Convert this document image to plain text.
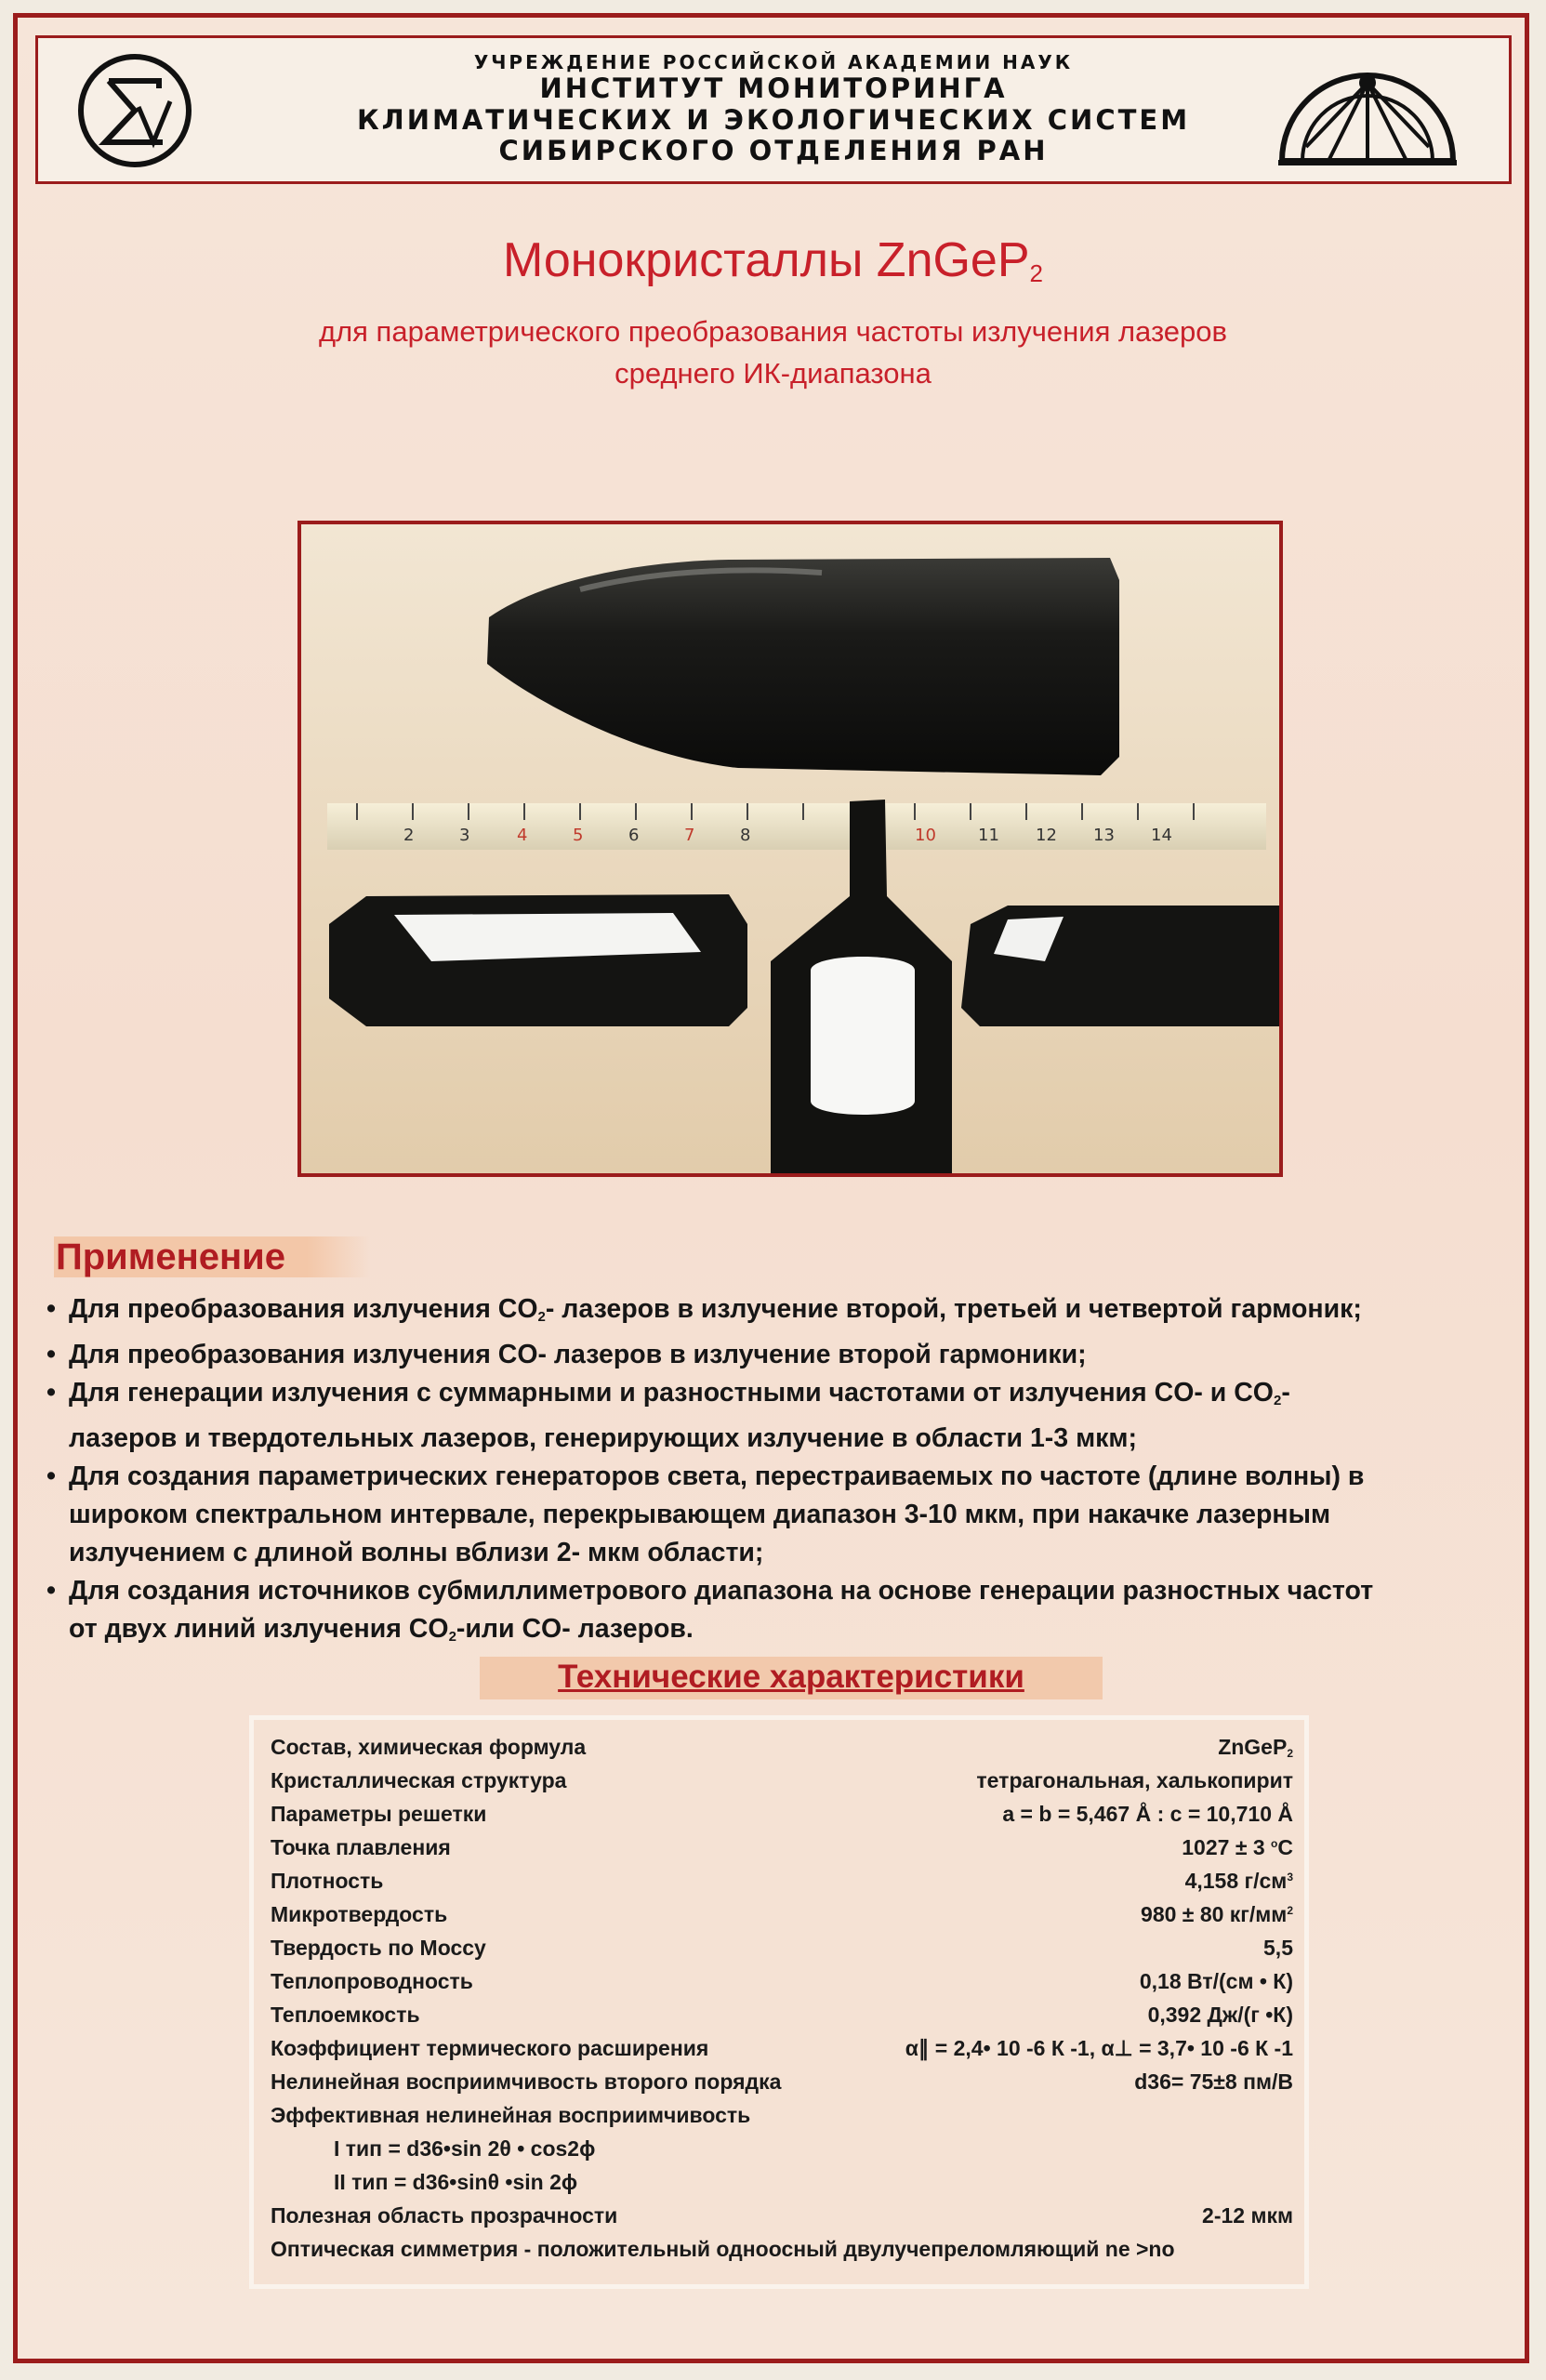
УЧРЕЖДЕНИЕ РОССИЙСКОЙ АКАДЕМИИ НАУК
ИНСТИТУТ МОНИТОРИНГА
КЛИМАТИЧЕСКИХ И ЭКОЛОГИЧЕСКИХ СИСТЕМ
СИБИРСКОГО ОТДЕЛЕНИЯ РАН
Монокристаллы ZnGeP$_2$
для параметрического преобразования частоты излучения лазеров
среднего ИК-диапазона
2	3	4	5	6	7	8	10	11 12 13 14
Применение
• Для преобразования излучения $CO_2-$ лазеров в излучение второй, третьей и четвертой гармоник;
• Для преобразования излучения CO- лазеров в излучение второй гармоники;
• Для генерации излучения с суммарными и разностными частотами от излучения CO- и $CO_2-$
лазеров и твердотельных лазеров, генерирующих излучение в области 1-3 мкм;
• Для создания параметрических генераторов света, перестраиваемых по частоте (длине волны) в
широком спектральном интервале, перекрывающем диапазон 3-10 мкм, при накачке лазерным
излучением с длиной волны вблизи 2- мкм области;
• Для создания источников субмиллиметрового диапазона на основе генерации разностных частот
от двух линий излучения $CO_2$-или CO- лазеров.
Технические характеристики
Состав, химическая формула	ZnGeP$_2$
Кристаллическая структура	тетрагональная, халькопирит
Параметры решетки	a = b = 5,467 Å : c = 10,710 Å
Точка плавления	1027 ± 3 $^о$C
Плотность	4,158 $г/см^3$
Микротвердость	980 ± 80 $кг/мм^2$
Твердость по Моссу	5,5
Теплопроводность	0,18 Вт/(см • К)
Теплоемкость	0,392 Дж/(г •К)
Коэффициент термического расширения	α∥ = 2,4• 10 -6 К -1, α⊥ = 3,7• 10 -6 К -1
Нелинейная восприимчивость второго порядка	d36= 75±8 пм/В
Эффективная нелинейная восприимчивость
I тип = d36•sin 2θ • cos2ϕ
II тип = d36•sinθ •sin 2ϕ
Полезная область прозрачности	2-12 мкм
Оптическая симметрия - положительный одноосный двулучепреломляющий ne >no
